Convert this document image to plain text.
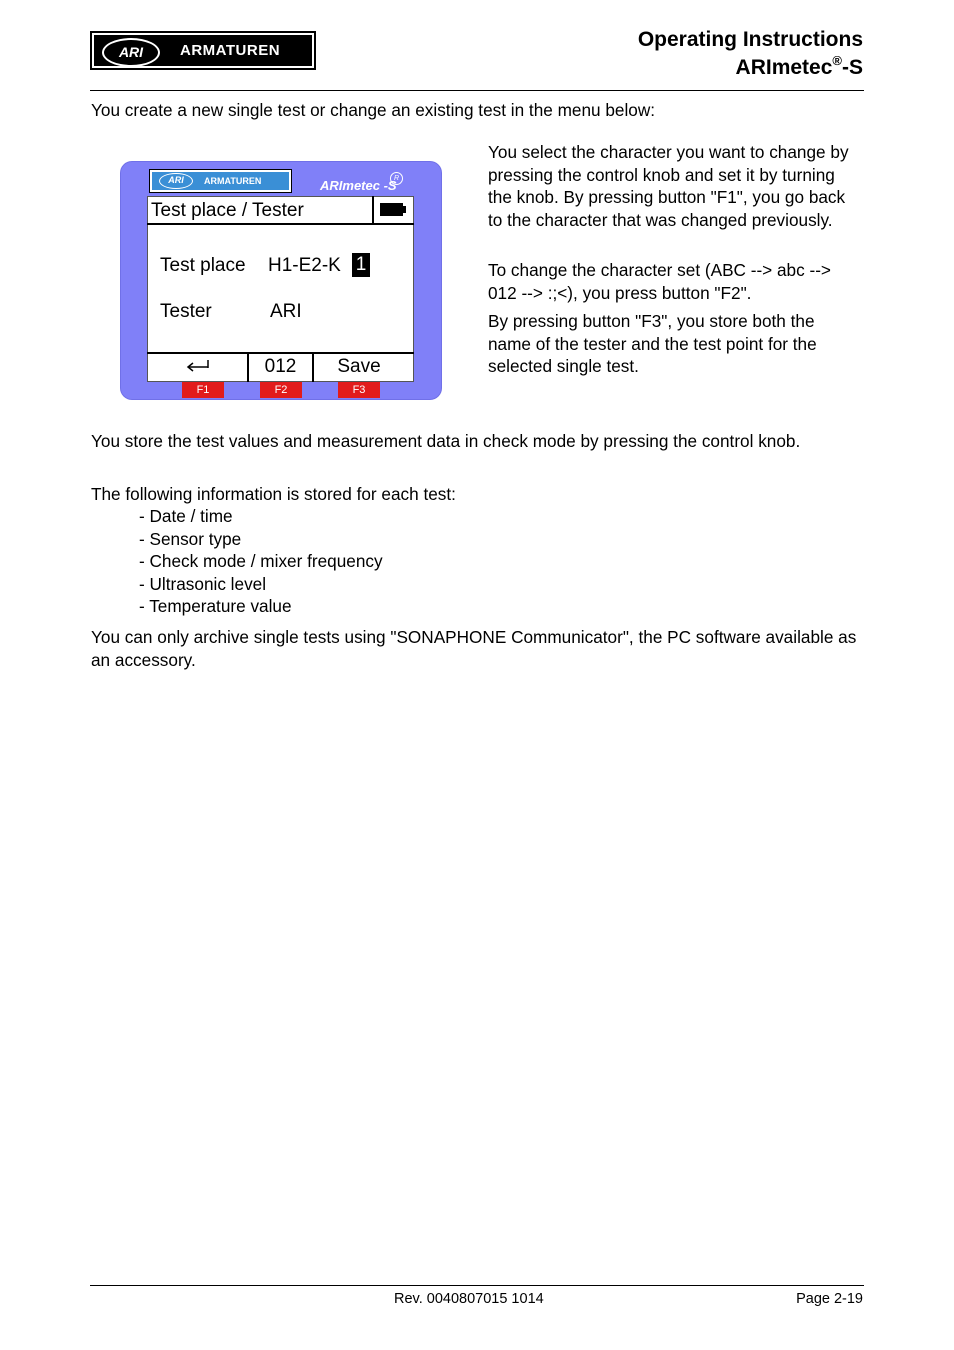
ARI	ARMATUREN	Operating Instructions
ARImetec®-S

You create a new single test or change an existing test in the menu below:

ARI	ARMATUREN	ARImetec -S
R
Test place / Tester
Test place H1-E2-K 1
Tester	ARI
012	Save
F1	F2	F3

You select the character you want to change by pressing the control knob and set it by turning the knob. By pressing button "F1", you go back to the character that was changed previously.

To change the character set (ABC --> abc --> 012 --> :;<), you press button "F2".

By pressing button "F3", you store both the name of the tester and the test point for the selected single test.

You store the test values and measurement data in check mode by pressing the control knob.

The following information is stored for each test:

- Date / time
- Sensor type
- Check mode / mixer frequency
- Ultrasonic level
- Temperature value

You can only archive single tests using "SONAPHONE Communicator", the PC software available as an accessory.

Rev. 0040807015 1014	Page 2-19
